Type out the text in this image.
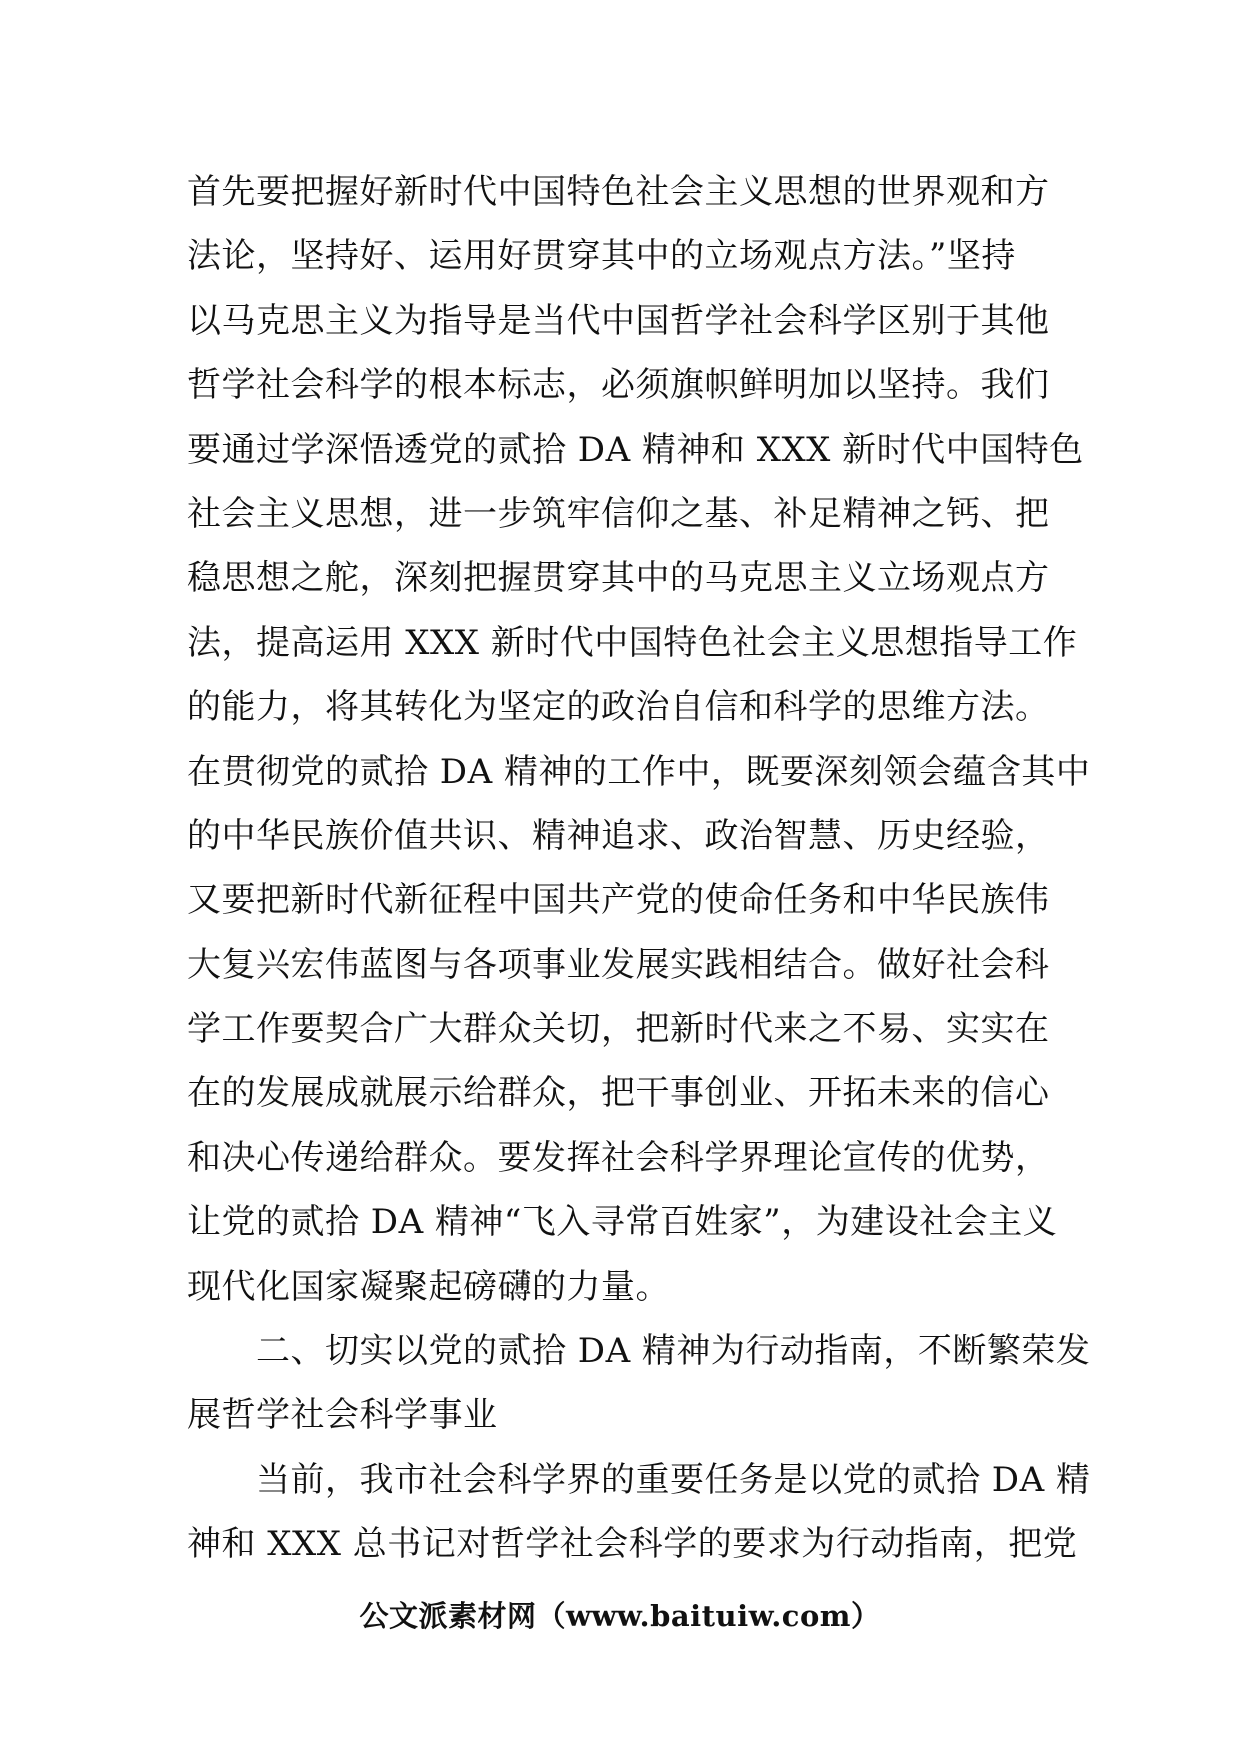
首先要把握好新时代中国特色社会主义思想的世界观和方
法论，坚持好、运用好贯穿其中的立场观点方法。”坚持
以马克思主义为指导是当代中国哲学社会科学区别于其他
哲学社会科学的根本标志，必须旗帜鲜明加以坚持。我们
要通过学深悟透党的贰拾 DA 精神和 XXX 新时代中国特色
社会主义思想，进一步筑牢信仰之基、补足精神之钙、把
稳思想之舵，深刻把握贯穿其中的马克思主义立场观点方
法，提高运用 XXX 新时代中国特色社会主义思想指导工作
的能力，将其转化为坚定的政治自信和科学的思维方法。
在贯彻党的贰拾 DA 精神的工作中，既要深刻领会蕴含其中
的中华民族价值共识、精神追求、政治智慧、历史经验，
又要把新时代新征程中国共产党的使命任务和中华民族伟
大复兴宏伟蓝图与各项事业发展实践相结合。做好社会科
学工作要契合广大群众关切，把新时代来之不易、实实在
在的发展成就展示给群众，把干事创业、开拓未来的信心
和决心传递给群众。要发挥社会科学界理论宣传的优势，
让党的贰拾 DA 精神“飞入寻常百姓家”，为建设社会主义
现代化国家凝聚起磅礴的力量。
　　二、切实以党的贰拾 DA 精神为行动指南，不断繁荣发
展哲学社会科学事业
　　当前，我市社会科学界的重要任务是以党的贰拾 DA 精
神和 XXX 总书记对哲学社会科学的要求为行动指南，把党
公文派素材网（www.baituiw.com）
